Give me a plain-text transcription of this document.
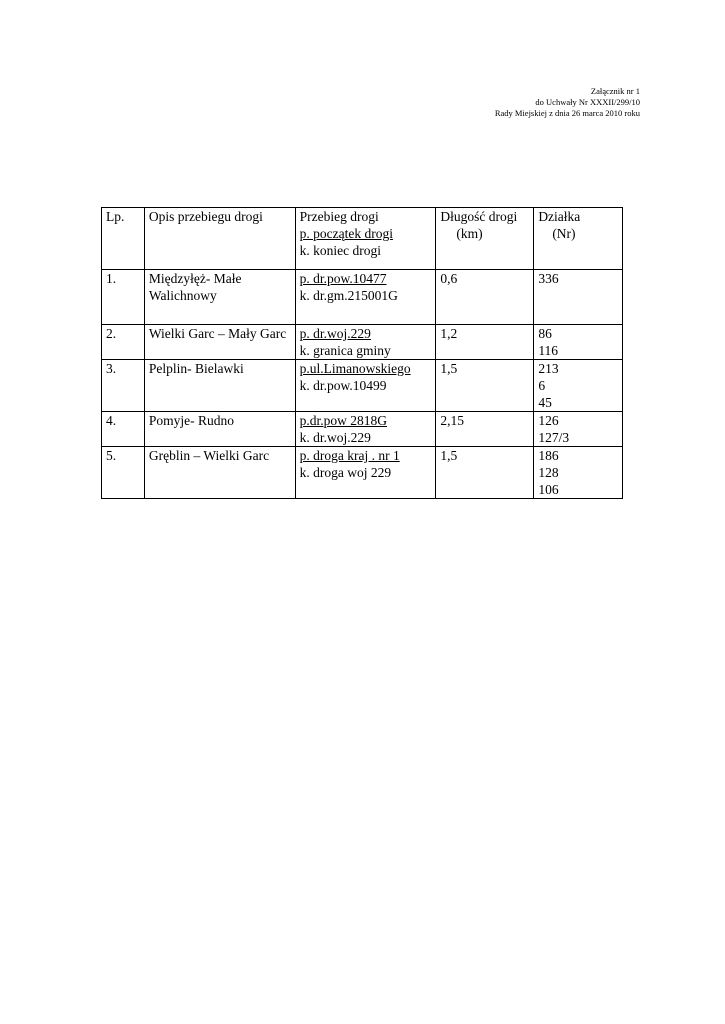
Załącznik nr 1
do Uchwały Nr XXXII/299/10
Rady Miejskiej z dnia 26 marca 2010 roku
Lp.	Opis przebiegu drogi	Przebieg drogi
p. początek drogi
k. koniec drogi	Długość drogi
(km)	Działka
(Nr)

1.	Międzyłęż- Małe Walichnowy	p. dr.pow.10477
k. dr.gm.215001G	0,6	336

2.	Wielki Garc – Mały Garc	p. dr.woj.229
k. granica gminy	1,2	86
116

3.	Pelplin- Bielawki	p.ul.Limanowskiego
k. dr.pow.10499	1,5	213
6
45

4.	Pomyje- Rudno	p.dr.pow 2818G
k. dr.woj.229	2,15	126
127/3

5.	Gręblin – Wielki Garc	p. droga kraj . nr 1
k. droga woj 229	1,5	186
128
106
